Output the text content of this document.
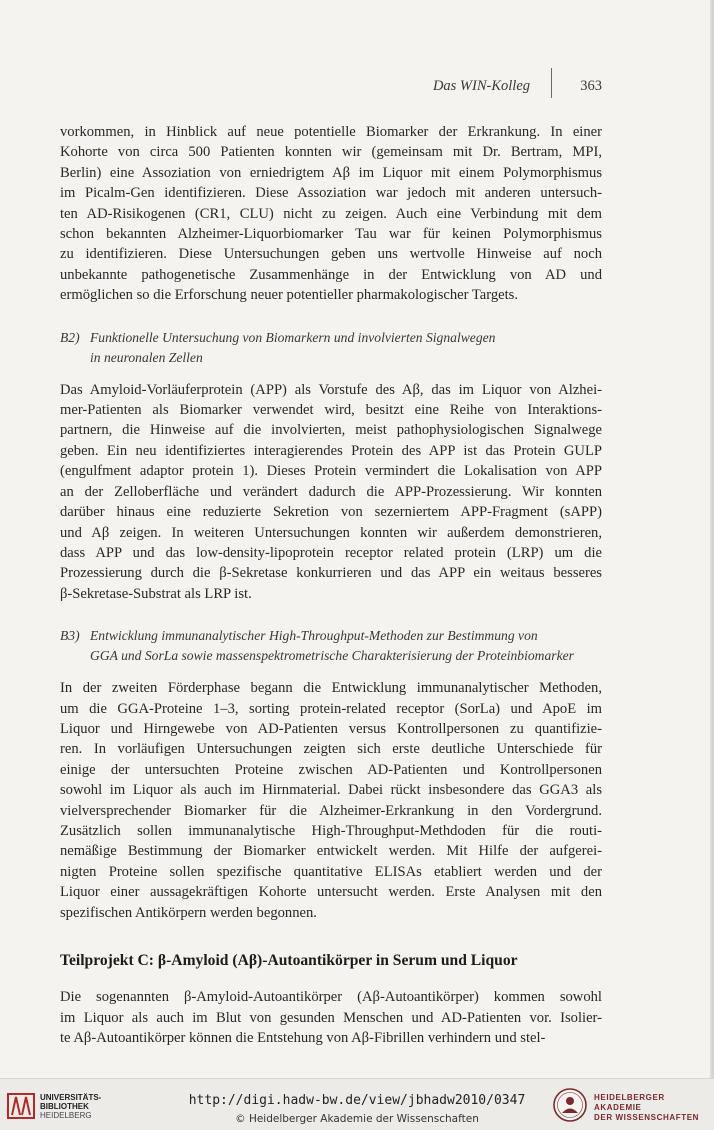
Das WIN-Kolleg	363
vorkommen, in Hinblick auf neue potentielle Biomarker der Erkrankung. In einer
Kohorte von circa 500 Patienten konnten wir (gemeinsam mit Dr. Bertram, MPI,
Berlin) eine Assoziation von erniedrigtem Aβ im Liquor mit einem Polymorphismus
im Picalm-Gen identifizieren. Diese Assoziation war jedoch mit anderen untersuch-
ten AD-Risikogenen (CR1, CLU) nicht zu zeigen. Auch eine Verbindung mit dem
schon bekannten Alzheimer-Liquorbiomarker Tau war für keinen Polymorphismus
zu identifizieren. Diese Untersuchungen geben uns wertvolle Hinweise auf noch
unbekannte pathogenetische Zusammenhänge in der Entwicklung von AD und
ermöglichen so die Erforschung neuer potentieller pharmakologischer Targets.
B2) Funktionelle Untersuchung von Biomarkern und involvierten Signalwegen
in neuronalen Zellen
Das Amyloid-Vorläuferprotein (APP) als Vorstufe des Aβ, das im Liquor von Alzhei-
mer-Patienten als Biomarker verwendet wird, besitzt eine Reihe von Interaktions-
partnern, die Hinweise auf die involvierten, meist pathophysiologischen Signalwege
geben. Ein neu identifiziertes interagierendes Protein des APP ist das Protein GULP
(engulfment adaptor protein 1). Dieses Protein vermindert die Lokalisation von APP
an der Zelloberfläche und verändert dadurch die APP-Prozessierung. Wir konnten
darüber hinaus eine reduzierte Sekretion von sezerniertem APP-Fragment (sAPP)
und Aβ zeigen. In weiteren Untersuchungen konnten wir außerdem demonstrieren,
dass APP und das low-density-lipoprotein receptor related protein (LRP) um die
Prozessierung durch die β-Sekretase konkurrieren und das APP ein weitaus besseres
β-Sekretase-Substrat als LRP ist.
B3) Entwicklung immunanalytischer High-Throughput-Methoden zur Bestimmung von
GGA und SorLa sowie massenspektrometrische Charakterisierung der Proteinbiomarker
In der zweiten Förderphase begann die Entwicklung immunanalytischer Methoden,
um die GGA-Proteine 1–3, sorting protein-related receptor (SorLa) und ApoE im
Liquor und Hirngewebe von AD-Patienten versus Kontrollpersonen zu quantifizie-
ren. In vorläufigen Untersuchungen zeigten sich erste deutliche Unterschiede für
einige der untersuchten Proteine zwischen AD-Patienten und Kontrollpersonen
sowohl im Liquor als auch im Hirnmaterial. Dabei rückt insbesondere das GGA3 als
vielversprechender Biomarker für die Alzheimer-Erkrankung in den Vordergrund.
Zusätzlich sollen immunanalytische High-Throughput-Methdoden für die routi-
nemäßige Bestimmung der Biomarker entwickelt werden. Mit Hilfe der aufgerei-
nigten Proteine sollen spezifische quantitative ELISAs etabliert werden und der
Liquor einer aussagekräftigen Kohorte untersucht werden. Erste Analysen mit den
spezifischen Antikörpern werden begonnen.
Teilprojekt C: β-Amyloid (Aβ)-Autoantikörper in Serum und Liquor
Die sogenannten β-Amyloid-Autoantikörper (Aβ-Autoantikörper) kommen sowohl
im Liquor als auch im Blut von gesunden Menschen und AD-Patienten vor. Isolier-
te Aβ-Autoantikörper können die Entstehung von Aβ-Fibrillen verhindern und stel-
UNIVERSITÄTS-
BIBLIOTHEK
HEIDELBERG
http://digi.hadw-bw.de/view/jbhadw2010/0347
© Heidelberger Akademie der Wissenschaften
HEIDELBERGER AKADEMIE
DER WISSENSCHAFTEN
